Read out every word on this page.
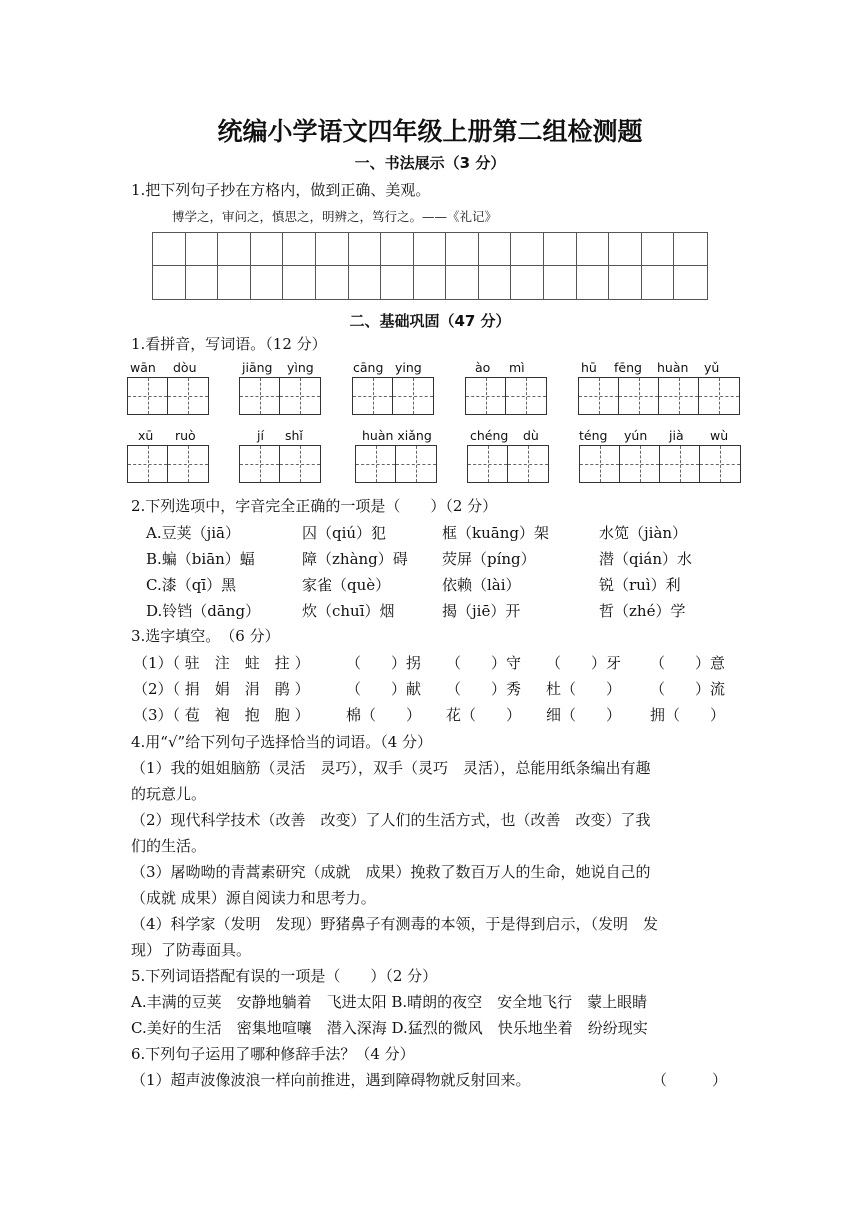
统编小学语文四年级上册第二组检测题
一、书法展示（3 分）
1.把下列句子抄在方格内，做到正确、美观。
博学之，审问之，慎思之，明辨之，笃行之。——《礼记》
二、基础巩固（47 分）
1.看拼音，写词语。（12 分）
wān dòu	jiāng yìng	cāng ying	ào mì	hū fēng huàn yǔ
xū ruò	jí shǐ	huàn xiǎng	chéng dù	téng yún jià wù
2.下列选项中，字音完全正确的一项是（　　）（2 分）
A.豆荚（jiā）	囚（qiú）犯	框（kuāng）架	水笕（jiàn）
B.蝙（biān）蝠	障（zhàng）碍 荧屏（píng）	潜（qián）水
C.漆（qī）黑	家雀（què）	依赖（lài）	锐（ruì）利
D.铃铛（dāng）	炊（chuī）烟	揭（jiē）开	哲（zhé）学
3.选字填空。　（6 分）
（1）（ 驻　注　蛀　拄 ） （　　）拐 （　　）守 （　　）牙 （　　）意
（2）（ 捐　娟　涓　鹃 ） （　　）献 （　　）秀 杜（　　） （　　）流
（3）（ 苞　袍　抱　胞 ） 棉（　　） 花（　　） 细（　　） 拥（　　）
4.用“√”给下列句子选择恰当的词语。（4 分）
（1）我的姐姐脑筋（灵活　灵巧），双手（灵巧　灵活），总能用纸条编出有趣
的玩意儿。
（2）现代科学技术（改善　改变）了人们的生活方式，也（改善　改变）了我
们的生活。
（3）屠呦呦的青蒿素研究（成就　成果）挽救了数百万人的生命，她说自己的
（成就 成果）源自阅读力和思考力。
（4）科学家（发明　发现）野猪鼻子有测毒的本领，于是得到启示，（发明　发
现）了防毒面具。
5.下列词语搭配有误的一项是（　　）（2 分）
A.丰满的豆荚　安静地躺着　飞进太阳 B.晴朗的夜空　安全地飞行　蒙上眼睛
C.美好的生活　密集地喧嚷　潜入深海 D.猛烈的微风　快乐地坐着　纷纷现实
6.下列句子运用了哪种修辞手法？（4 分）
（1）超声波像波浪一样向前推进，遇到障碍物就反射回来。	（　　　）
